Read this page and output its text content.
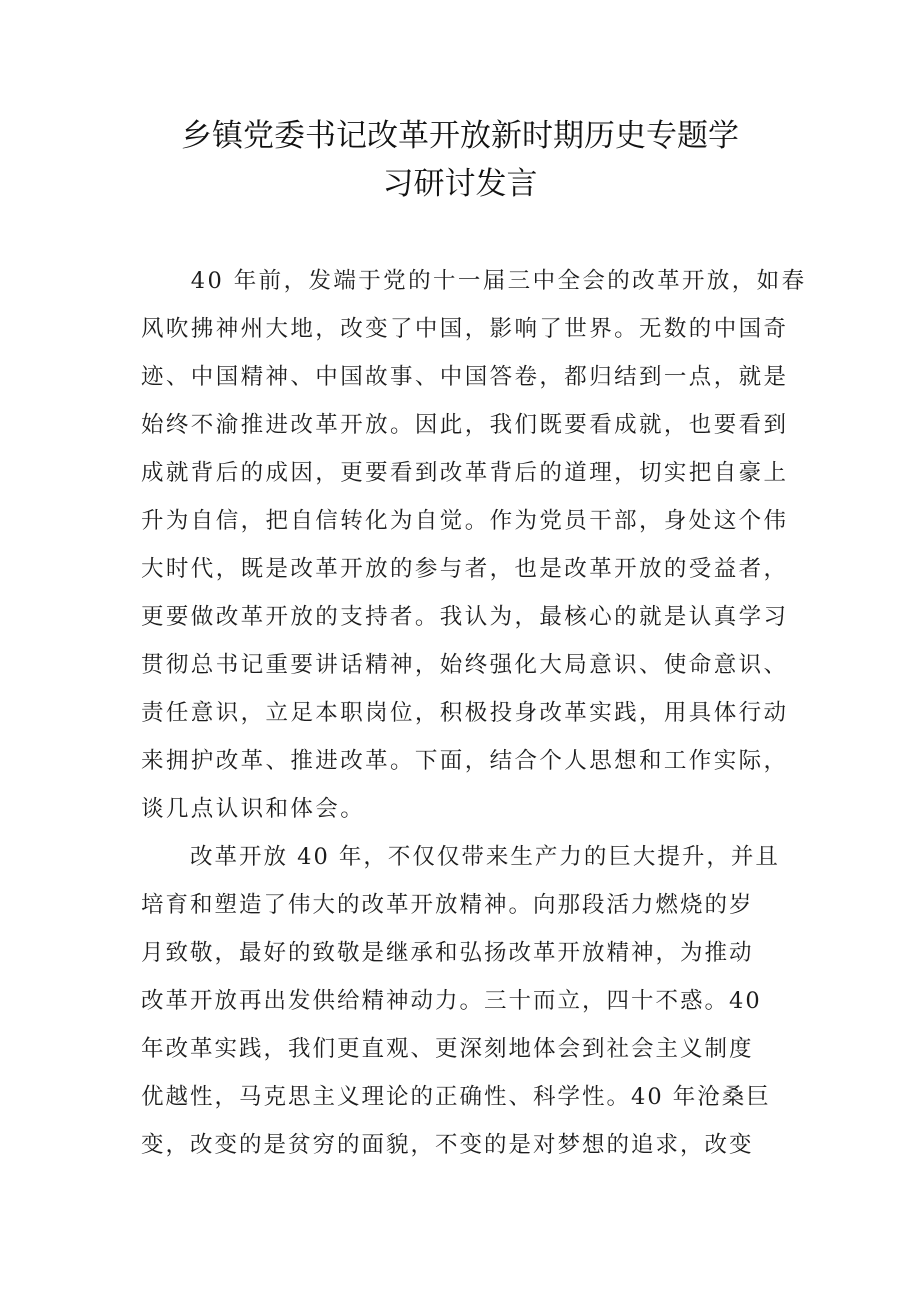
乡镇党委书记改革开放新时期历史专题学
习研讨发言
　　40 年前，发端于党的十一届三中全会的改革开放，如春
风吹拂神州大地，改变了中国，影响了世界。无数的中国奇
迹、中国精神、中国故事、中国答卷，都归结到一点，就是
始终不渝推进改革开放。因此，我们既要看成就，也要看到
成就背后的成因，更要看到改革背后的道理，切实把自豪上
升为自信，把自信转化为自觉。作为党员干部，身处这个伟
大时代，既是改革开放的参与者，也是改革开放的受益者，
更要做改革开放的支持者。我认为，最核心的就是认真学习
贯彻总书记重要讲话精神，始终强化大局意识、使命意识、
责任意识，立足本职岗位，积极投身改革实践，用具体行动
来拥护改革、推进改革。下面，结合个人思想和工作实际，
谈几点认识和体会。
　　改革开放 40 年，不仅仅带来生产力的巨大提升，并且
培育和塑造了伟大的改革开放精神。向那段活力燃烧的岁
月致敬，最好的致敬是继承和弘扬改革开放精神，为推动
改革开放再出发供给精神动力。三十而立，四十不惑。40
年改革实践，我们更直观、更深刻地体会到社会主义制度
优越性，马克思主义理论的正确性、科学性。40 年沧桑巨
变，改变的是贫穷的面貌，不变的是对梦想的追求，改变
